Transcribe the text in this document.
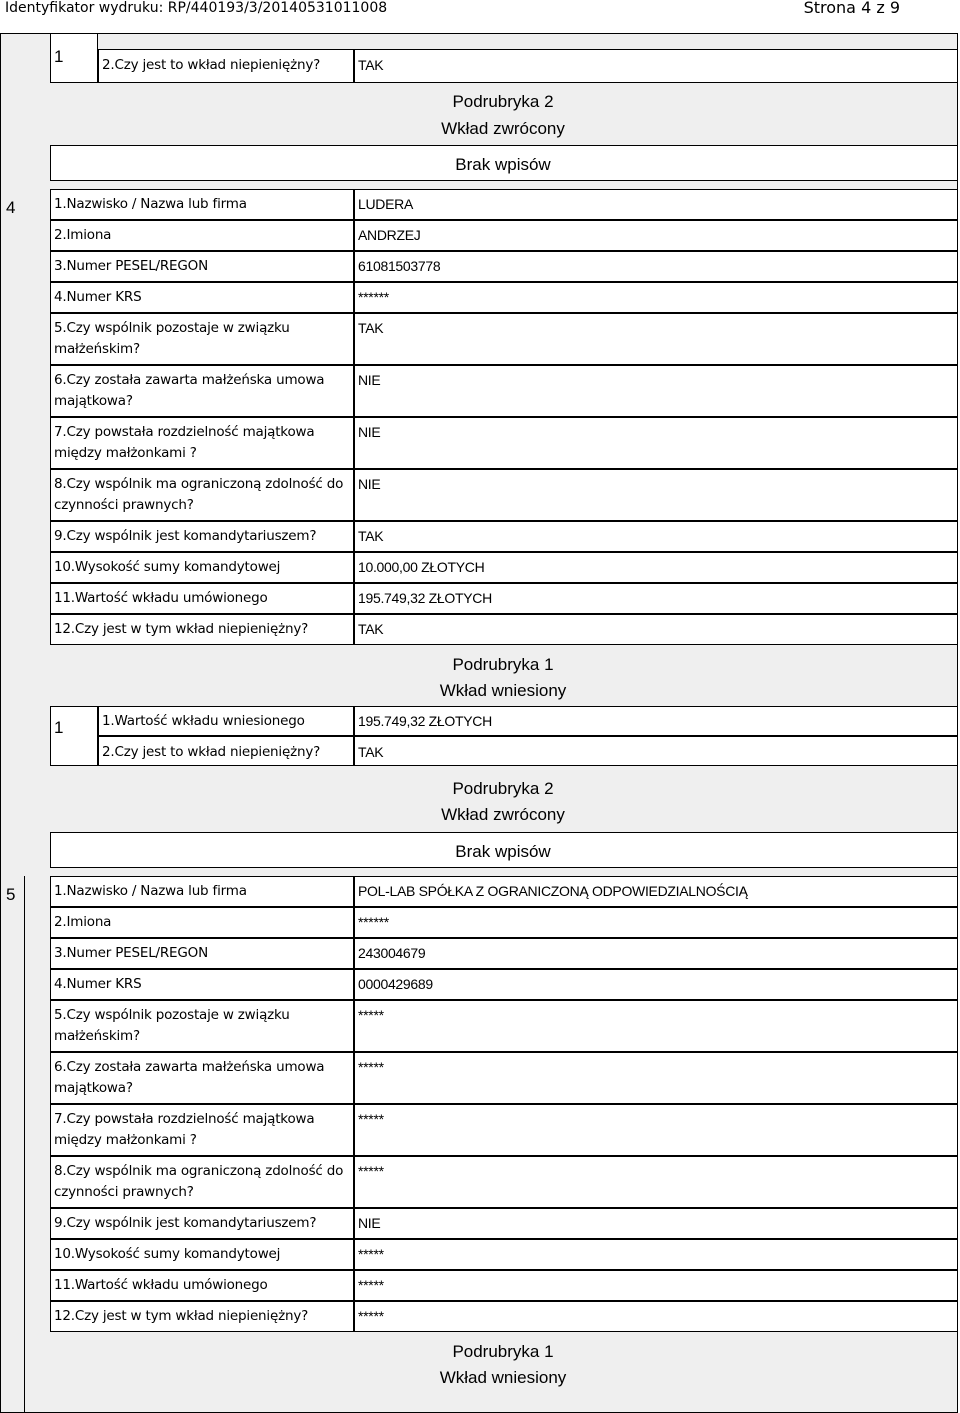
Identyfikator wydruku: RP/440193/3/20140531011008	Strona 4 z 9
1	2.Czy jest to wkład niepieniężny?	TAK
Podrubryka 2
Wkład zwrócony
Brak wpisów
4	1.Nazwisko / Nazwa lub firma	LUDERA
2.Imiona	ANDRZEJ
3.Numer PESEL/REGON	61081503778
4.Numer KRS	******
5.Czy wspólnik pozostaje w związku małżeńskim?
TAK
6.Czy została zawarta małżeńska umowa majątkowa?
NIE
7.Czy powstała rozdzielność majątkowa między małżonkami ?
NIE
8.Czy wspólnik ma ograniczoną zdolność do czynności prawnych?
NIE
9.Czy wspólnik jest komandytariuszem?	TAK
10.Wysokość sumy komandytowej	10.000,00 ZŁOTYCH
11.Wartość wkładu umówionego	195.749,32 ZŁOTYCH
12.Czy jest w tym wkład niepieniężny?	TAK
Podrubryka 1
Wkład wniesiony
1	1.Wartość wkładu wniesionego	195.749,32 ZŁOTYCH
2.Czy jest to wkład niepieniężny?	TAK
Podrubryka 2
Wkład zwrócony
Brak wpisów
5	1.Nazwisko / Nazwa lub firma	POL-LAB SPÓŁKA Z OGRANICZONĄ ODPOWIEDZIALNOŚCIĄ
2.Imiona	******
3.Numer PESEL/REGON	243004679
4.Numer KRS	0000429689
5.Czy wspólnik pozostaje w związku małżeńskim?
*****
6.Czy została zawarta małżeńska umowa majątkowa?
*****
7.Czy powstała rozdzielność majątkowa między małżonkami ?
*****
8.Czy wspólnik ma ograniczoną zdolność do czynności prawnych?
*****
9.Czy wspólnik jest komandytariuszem?	NIE
10.Wysokość sumy komandytowej	*****
11.Wartość wkładu umówionego	*****
12.Czy jest w tym wkład niepieniężny?	*****
Podrubryka 1
Wkład wniesiony
